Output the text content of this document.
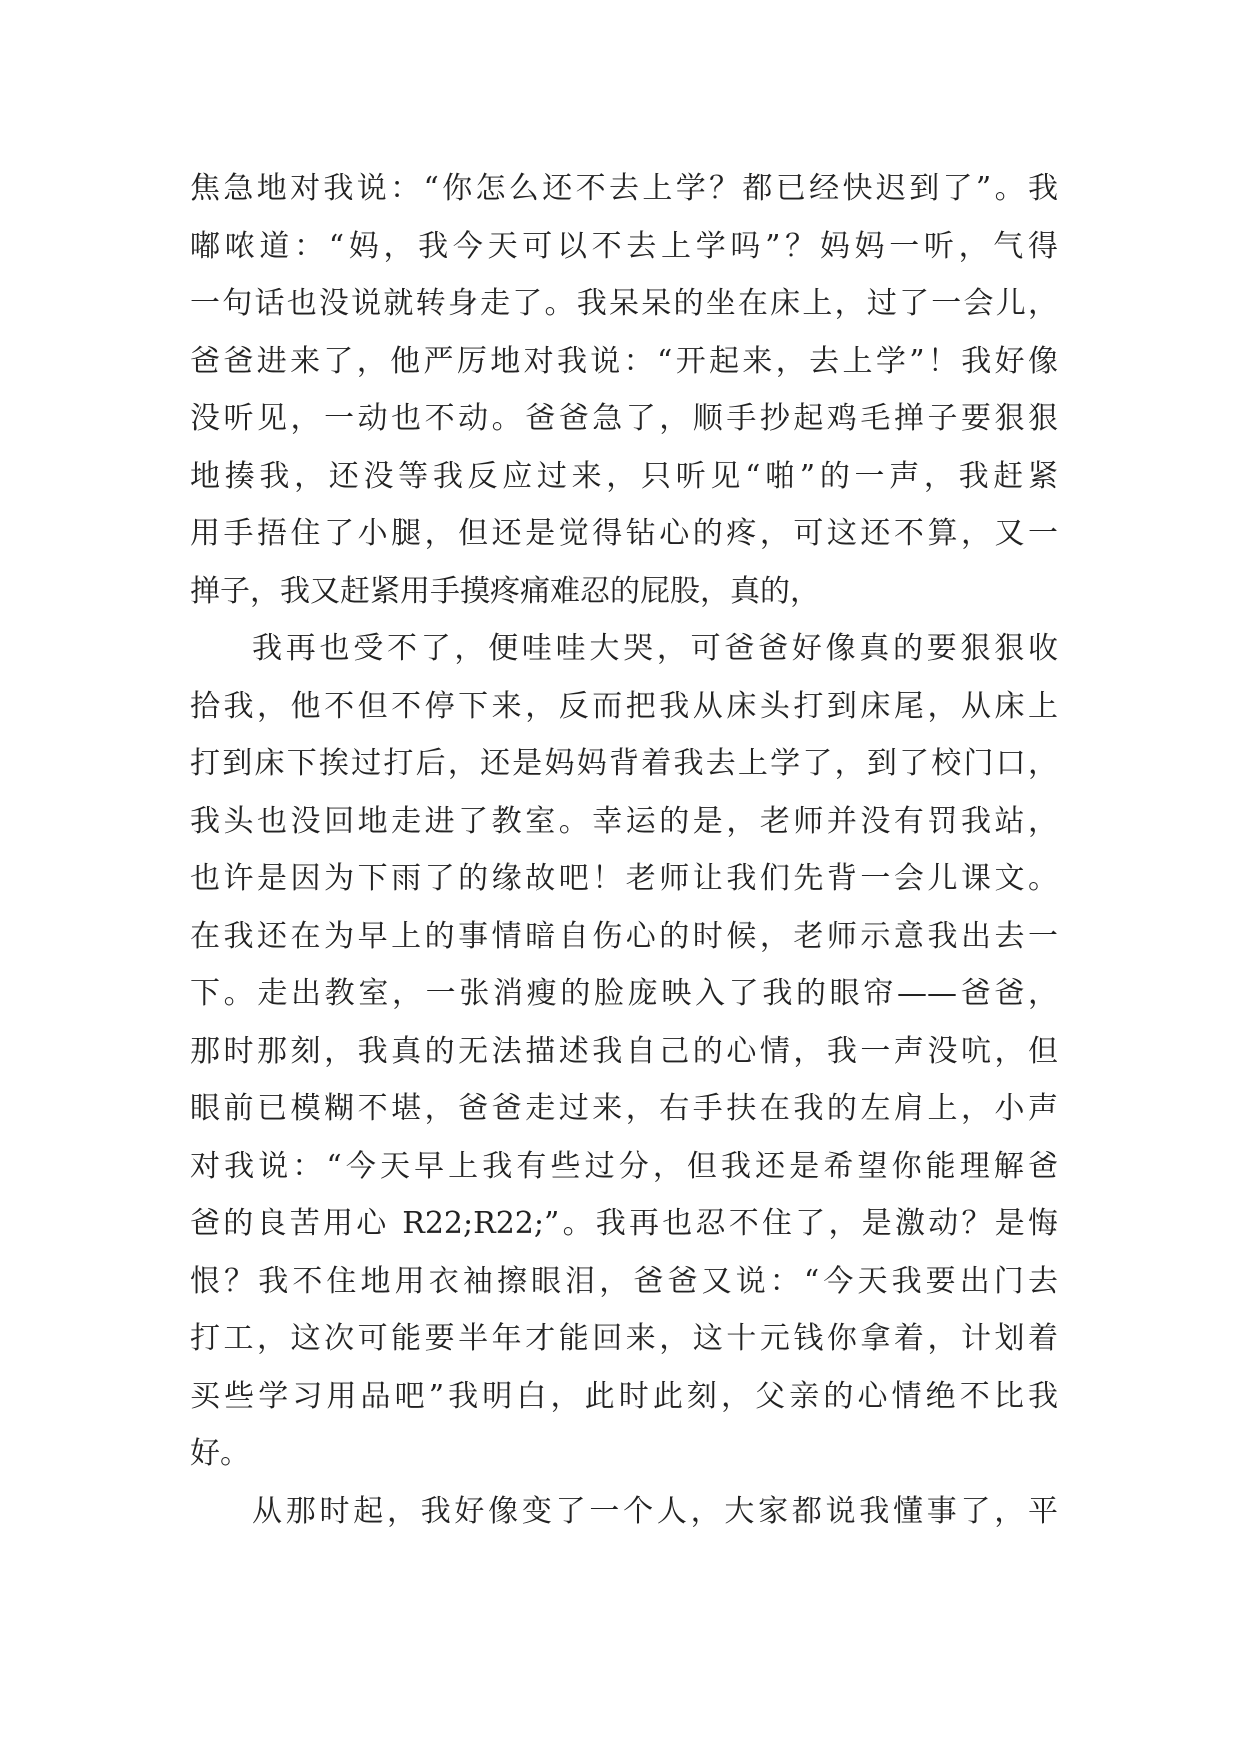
焦急地对我说：“你怎么还不去上学？都已经快迟到了”。我
嘟哝道：“妈，我今天可以不去上学吗”？妈妈一听，气得
一句话也没说就转身走了。我呆呆的坐在床上，过了一会儿，
爸爸进来了，他严厉地对我说：“开起来，去上学”！我好像
没听见，一动也不动。爸爸急了，顺手抄起鸡毛掸子要狠狠
地揍我，还没等我反应过来，只听见“啪”的一声，我赶紧
用手捂住了小腿，但还是觉得钻心的疼，可这还不算，又一
掸子，我又赶紧用手摸疼痛难忍的屁股，真的，
我再也受不了，便哇哇大哭，可爸爸好像真的要狠狠收
拾我，他不但不停下来，反而把我从床头打到床尾，从床上
打到床下挨过打后，还是妈妈背着我去上学了，到了校门口，
我头也没回地走进了教室。幸运的是，老师并没有罚我站，
也许是因为下雨了的缘故吧！老师让我们先背一会儿课文。
在我还在为早上的事情暗自伤心的时候，老师示意我出去一
下。走出教室，一张消瘦的脸庞映入了我的眼帘——爸爸，
那时那刻，我真的无法描述我自己的心情，我一声没吭，但
眼前已模糊不堪，爸爸走过来，右手扶在我的左肩上，小声
对我说：“今天早上我有些过分，但我还是希望你能理解爸
爸的良苦用心 R22;R22;”。我再也忍不住了，是激动？是悔
恨？我不住地用衣袖擦眼泪，爸爸又说：“今天我要出门去
打工，这次可能要半年才能回来，这十元钱你拿着，计划着
买些学习用品吧”我明白，此时此刻，父亲的心情绝不比我
好。
从那时起，我好像变了一个人，大家都说我懂事了，平
